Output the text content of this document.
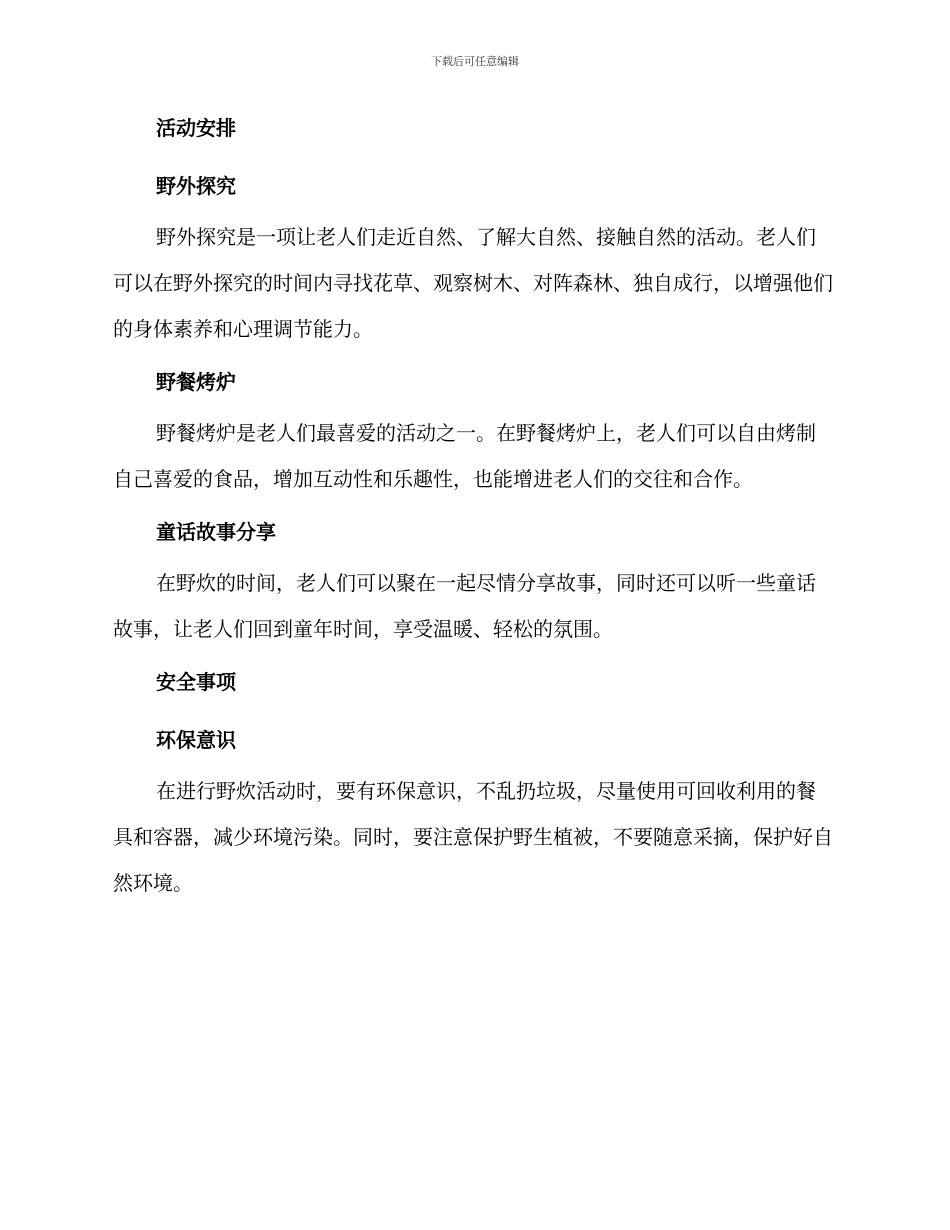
下载后可任意编辑
活动安排
野外探究

野外探究是一项让老人们走近自然、了解大自然、接触自然的活动。老人们可以在野外探究的时间内寻找花草、观察树木、对阵森林、独自成行，以增强他们的身体素养和心理调节能力。

野餐烤炉

野餐烤炉是老人们最喜爱的活动之一。在野餐烤炉上，老人们可以自由烤制自己喜爱的食品，增加互动性和乐趣性，也能增进老人们的交往和合作。

童话故事分享

在野炊的时间，老人们可以聚在一起尽情分享故事，同时还可以听一些童话故事，让老人们回到童年时间，享受温暖、轻松的氛围。

安全事项
环保意识

在进行野炊活动时，要有环保意识，不乱扔垃圾，尽量使用可回收利用的餐具和容器，减少环境污染。同时，要注意保护野生植被，不要随意采摘，保护好自然环境。
